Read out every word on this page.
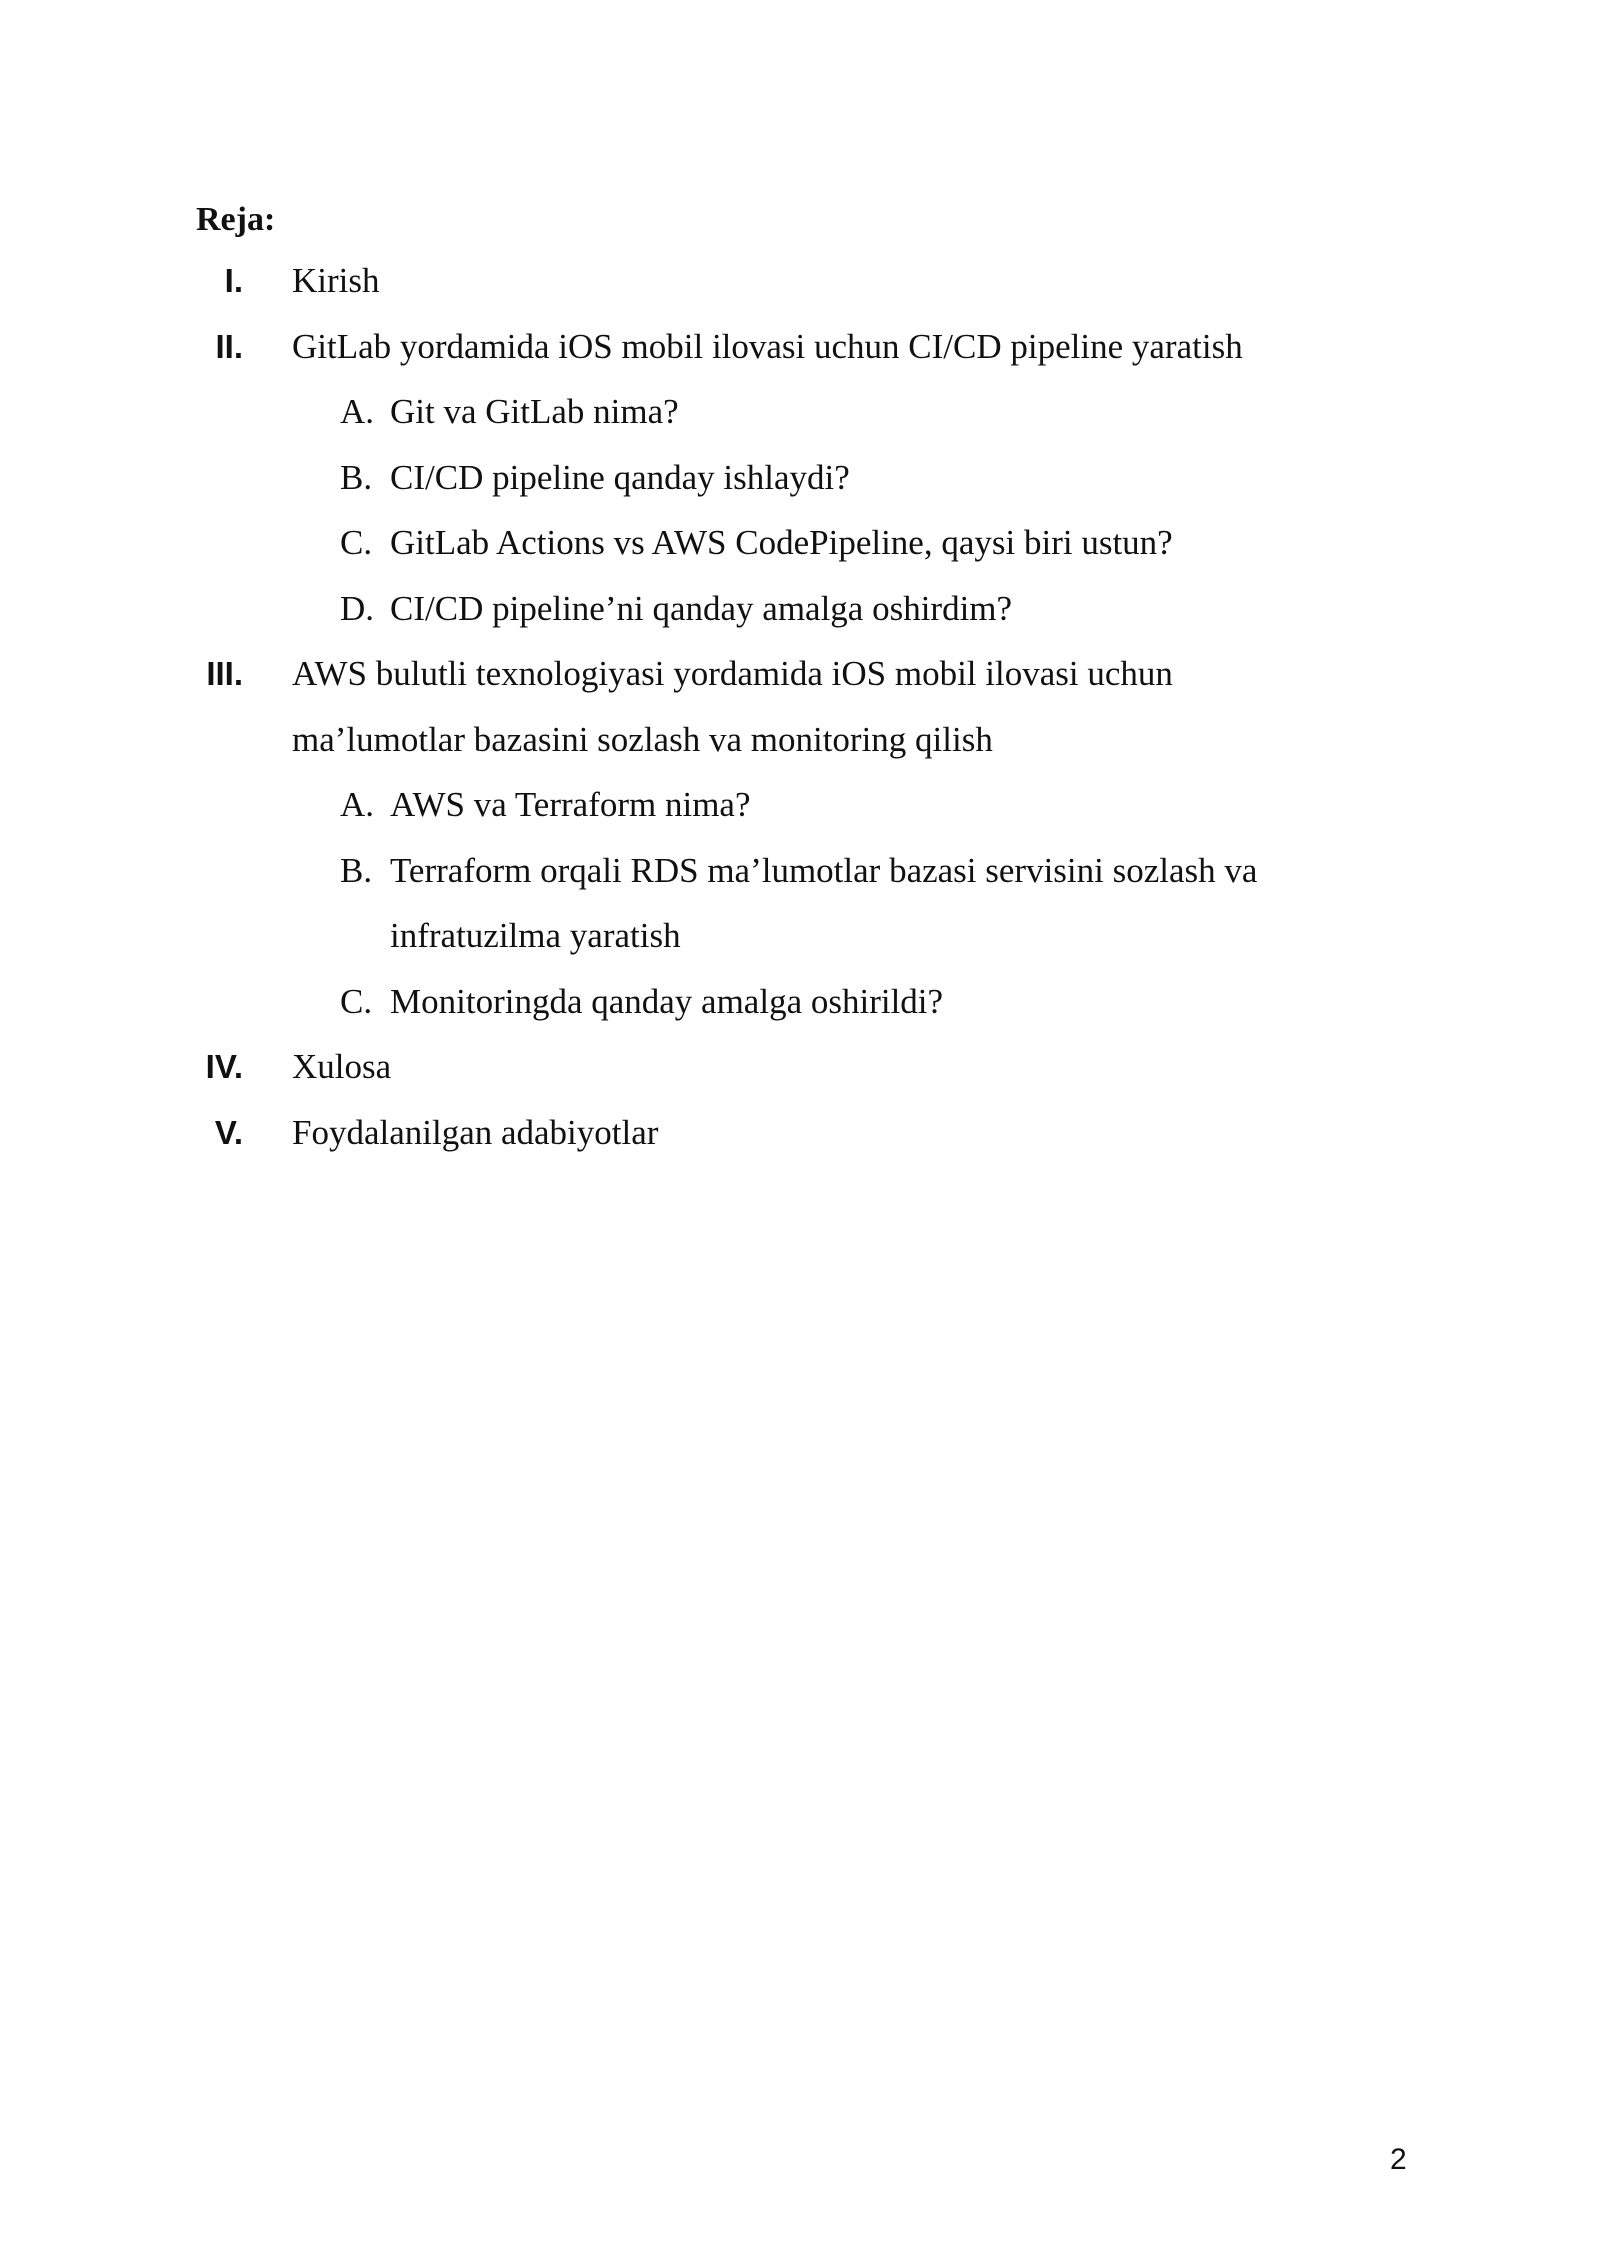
Reja:
I. Kirish
II. GitLab yordamida iOS mobil ilovasi uchun CI/CD pipeline yaratish
A. Git va GitLab nima?
B. CI/CD pipeline qanday ishlaydi?
C. GitLab Actions vs AWS CodePipeline, qaysi biri ustun?
D. CI/CD pipeline’ni qanday amalga oshirdim?
III. AWS bulutli texnologiyasi yordamida iOS mobil ilovasi uchun
ma’lumotlar bazasini sozlash va monitoring qilish
A. AWS va Terraform nima?
B. Terraform orqali RDS ma’lumotlar bazasi servisini sozlash va
infratuzilma yaratish
C. Monitoringda qanday amalga oshirildi?
IV. Xulosa
V. Foydalanilgan adabiyotlar
2
